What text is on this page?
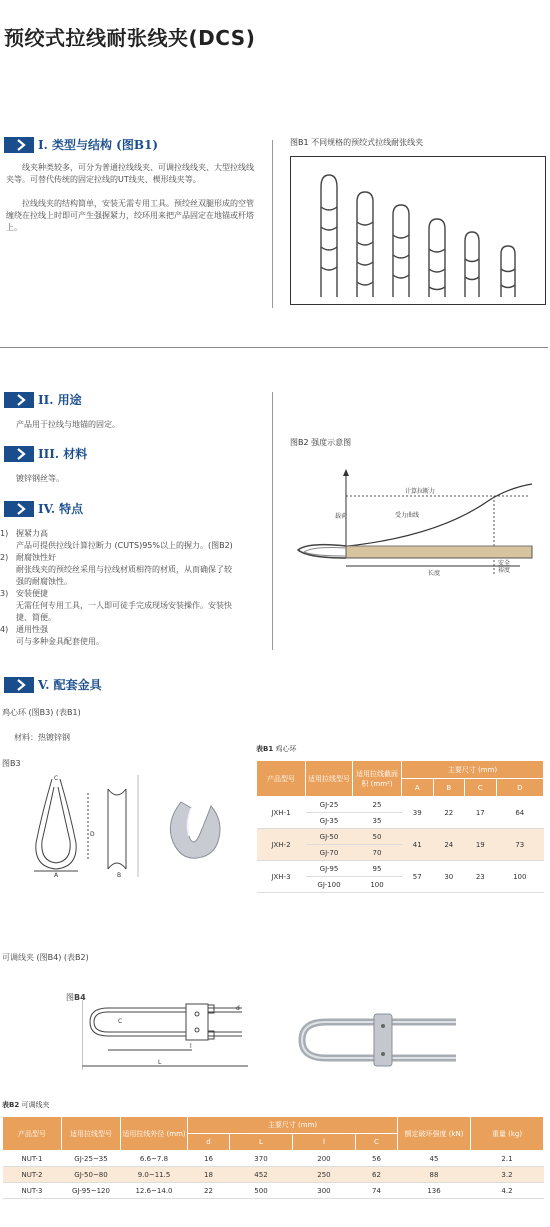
预绞式拉线耐张线夹(DCS)
I. 类型与结构 (图B1)
线夹种类较多，可分为普通拉线线夹、可调拉线线夹、大型拉线线夹等。可替代传统的固定拉线的UT线夹、楔形线夹等。
拉线线夹的结构简单，安装无需专用工具。预绞丝双腿形成的空管缠绕在拉线上时即可产生强握紧力，绞环用来把产品固定在地锚或杆塔上。
图B1 不同规格的预绞式拉线耐张线夹
II. 用途
产品用于拉线与地锚的固定。
III. 材料
镀锌钢丝等。
IV. 特点
1) 握紧力高
产品可提供拉线计算拉断力 (CUTS)95%以上的握力。(图B2)
2) 耐腐蚀性好
耐张线夹的预绞丝采用与拉线材质相符的材质，从而确保了较
强的耐腐蚀性。
3) 安装便捷
无需任何专用工具，一人即可徒手完成现场安装操作。安装快
捷、简便。
4) 通用性强
可与多种金具配套使用。
图B2 强度示意图
载荷
计算拉断力
受力曲线
长度
安全
裕度
V. 配套金具
鸡心环 (图B3) (表B1)
材料：热镀锌钢
图B3
C
D
A	B
表B1 鸡心环
产品型号	适用拉线型号	适用拉线截面积 (mm²)	主要尺寸 (mm)			
			A	B	C	D
JXH-1	GJ-25	25	39	22	17	64
	GJ-35	35				
JXH-2	GJ-50	50	41	24	19	73
	GJ-70	70				
JXH-3	GJ-95	95	57	30	23	100
	GJ-100	100				
可调线夹 (图B4) (表B2)
图B4
d
C
l
L
表B2 可调线夹
产品型号	适用拉线型号	适用拉线外径 (mm)	主要尺寸 (mm)				额定破坏强度 (kN)	重量 (kg)
			d	L	l	C		
NUT-1	GJ-25~35	6.6~7.8	16	370	200	56	45	2.1
NUT-2	GJ-50~80	9.0~11.5	18	452	250	62	88	3.2
NUT-3	GJ-95~120	12.6~14.0	22	500	300	74	136	4.2
